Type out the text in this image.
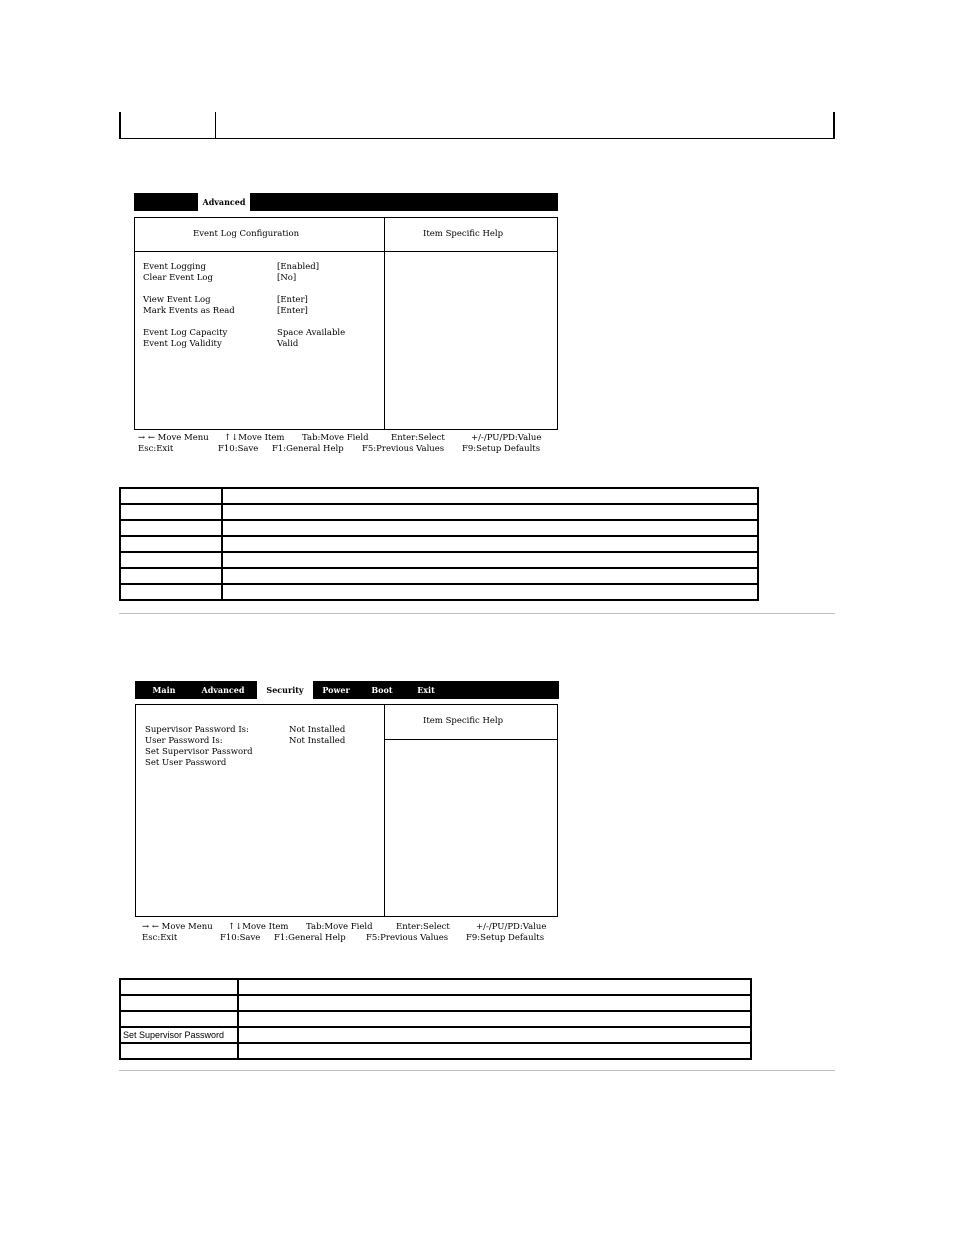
Advanced
Event Log Configuration	Item Specific Help
Event Logging	[Enabled]
Clear Event Log	[No]
View Event Log	[Enter]
Mark Events as Read	[Enter]
Event Log Capacity	Space Available
Event Log Validity	Valid

→ ← Move Menu

↑↓Move Item

Tab:Move Field

	Enter:Select

	+/-/PU/PD:Value

Esc:Exit

	F10:Save

F1:General Help

F5:Previous Values

F9:Setup Defaults

Main	Advanced	Security	Power	Boot	Exit
Item Specific Help
Supervisor Password Is:	Not Installed
User Password Is:	Not Installed
Set Supervisor Password
Set User Password

→ ← Move Menu

↑↓Move Item

Tab:Move Field

	Enter:Select

	+/-/PU/PD:Value

Esc:Exit

	F10:Save

F1:General Help

F5:Previous Values

F9:Setup Defaults

Set Supervisor Password	
